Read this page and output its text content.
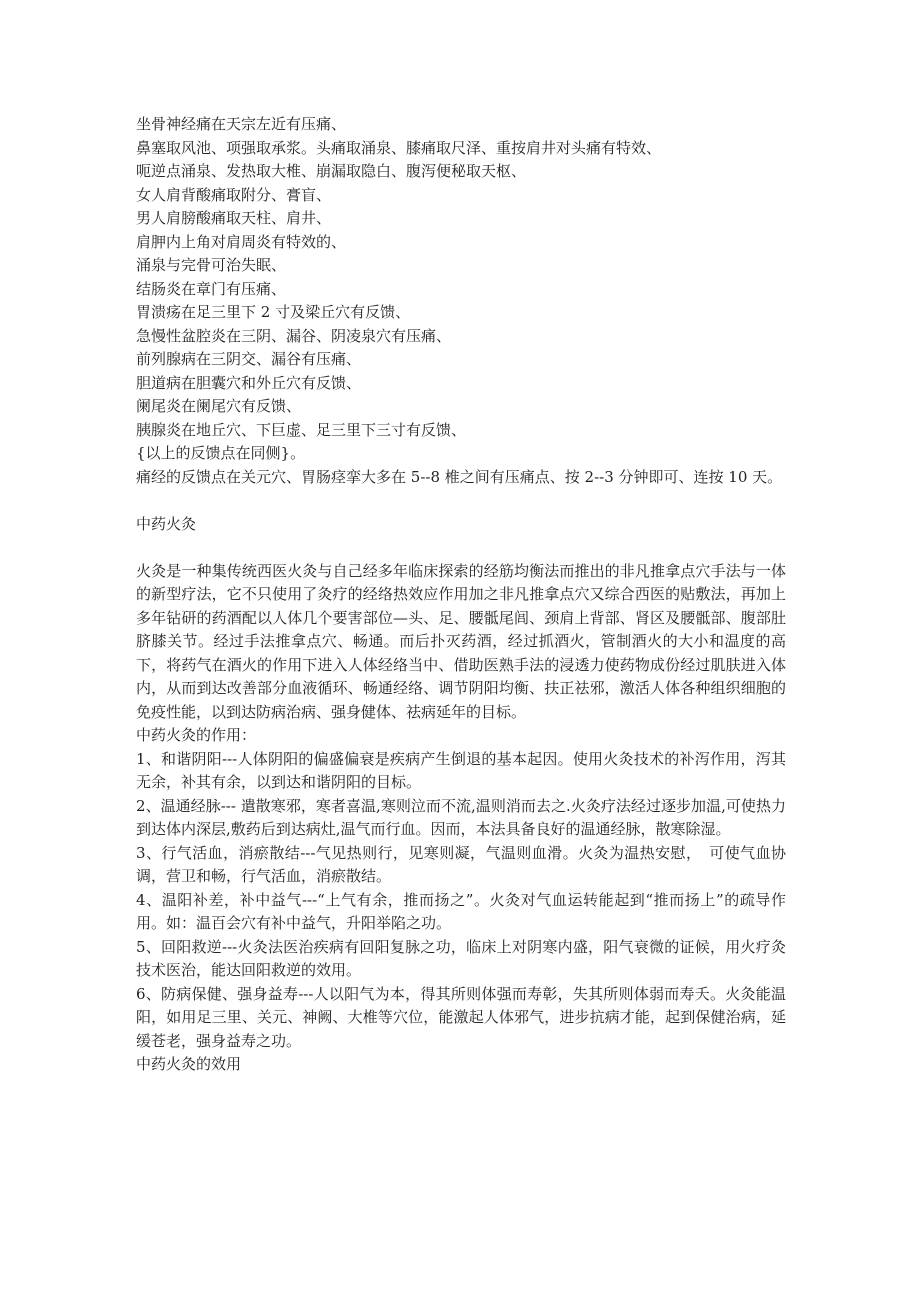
坐骨神经痛在天宗左近有压痛、
鼻塞取风池、项强取承浆。头痛取涌泉、膝痛取尺泽、重按肩井对头痛有特效、
呃逆点涌泉、发热取大椎、崩漏取隐白、腹泻便秘取天枢、
女人肩背酸痛取附分、膏盲、
男人肩膀酸痛取天柱、肩井、
肩胛内上角对肩周炎有特效的、
涌泉与完骨可治失眠、
结肠炎在章门有压痛、
胃溃疡在足三里下 2 寸及梁丘穴有反馈、
急慢性盆腔炎在三阴、漏谷、阴凌泉穴有压痛、
前列腺病在三阴交、漏谷有压痛、
胆道病在胆囊穴和外丘穴有反馈、
阑尾炎在阑尾穴有反馈、
胰腺炎在地丘穴、下巨虚、足三里下三寸有反馈、
{以上的反馈点在同侧}。
痛经的反馈点在关元穴、胃肠痉挛大多在 5--8 椎之间有压痛点、按 2--3 分钟即可、连按 10 天。
中药火灸
火灸是一种集传统西医火灸与自己经多年临床探索的经筋均衡法而推出的非凡推拿点穴手法与一体的新型疗法，它不只使用了灸疗的经络热效应作用加之非凡推拿点穴又综合西医的贴敷法，再加上多年钻研的药酒配以人体几个要害部位—头、足、腰骶尾闾、颈肩上背部、肾区及腰骶部、腹部肚脐膝关节。经过手法推拿点穴、畅通。而后扑灭药酒，经过抓酒火，管制酒火的大小和温度的高下，将药气在酒火的作用下进入人体经络当中、借助医熟手法的浸透力使药物成份经过肌肤进入体内，从而到达改善部分血液循环、畅通经络、调节阴阳均衡、扶正祛邪，激活人体各种组织细胞的免疫性能，以到达防病治病、强身健体、祛病延年的目标。
中药火灸的作用：
1、和谐阴阳---人体阴阳的偏盛偏衰是疾病产生倒退的基本起因。使用火灸技术的补泻作用，泻其无余，补其有余，以到达和谐阴阳的目标。
2、温通经脉--- 遣散寒邪，寒者喜温,寒则泣而不流,温则消而去之.火灸疗法经过逐步加温,可使热力到达体内深层,敷药后到达病灶,温气而行血。因而，本法具备良好的温通经脉，散寒除湿。
3、行气活血，消瘀散结---气见热则行，见寒则凝，气温则血滑。火灸为温热安慰，　可使气血协调，营卫和畅，行气活血，消瘀散结。
4、温阳补差，补中益气---“上气有余，推而扬之”。火灸对气血运转能起到“推而扬上”的疏导作用。如：温百会穴有补中益气，升阳举陷之功。
5、回阳救逆---火灸法医治疾病有回阳复脉之功，临床上对阴寒内盛，阳气衰微的证候，用火疗灸技术医治，能达回阳救逆的效用。
6、防病保健、强身益寿---人以阳气为本，得其所则体强而寿彰，失其所则体弱而寿夭。火灸能温阳，如用足三里、关元、神阙、大椎等穴位，能激起人体邪气，进步抗病才能，起到保健治病，延缓苍老，强身益寿之功。
中药火灸的效用
